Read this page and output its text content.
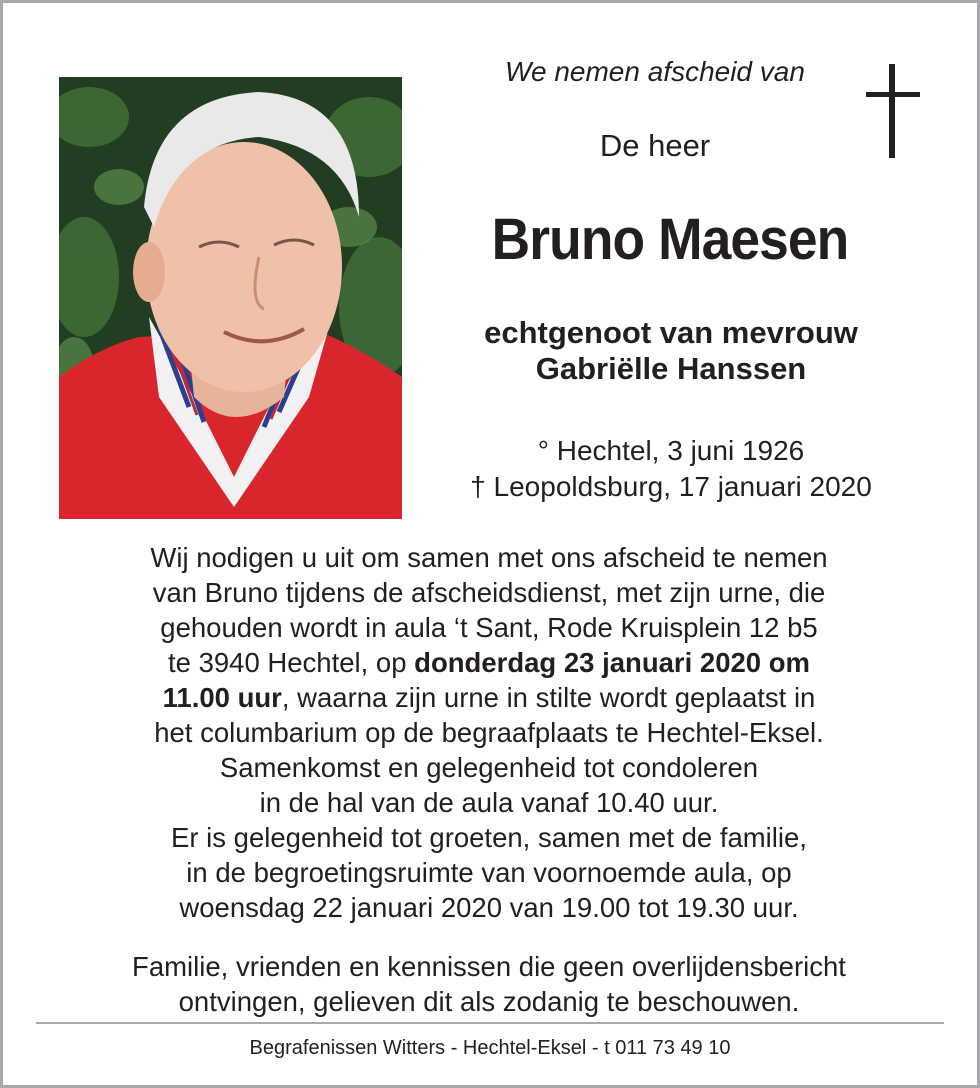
We nemen afscheid van
De heer
Bruno Maesen
echtgenoot van mevrouw
Gabriëlle Hanssen
° Hechtel, 3 juni 1926
† Leopoldsburg, 17 januari 2020
Wij nodigen u uit om samen met ons afscheid te nemen
van Bruno tijdens de afscheidsdienst, met zijn urne, die
gehouden wordt in aula ‘t Sant, Rode Kruisplein 12 b5
te 3940 Hechtel, op donderdag 23 januari 2020 om
11.00 uur, waarna zijn urne in stilte wordt geplaatst in
het columbarium op de begraafplaats te Hechtel-Eksel.
Samenkomst en gelegenheid tot condoleren
in de hal van de aula vanaf 10.40 uur.
Er is gelegenheid tot groeten, samen met de familie,
in de begroetingsruimte van voornoemde aula, op
woensdag 22 januari 2020 van 19.00 tot 19.30 uur.
Familie, vrienden en kennissen die geen overlijdensbericht
ontvingen, gelieven dit als zodanig te beschouwen.
Begrafenissen Witters - Hechtel-Eksel - t 011 73 49 10
